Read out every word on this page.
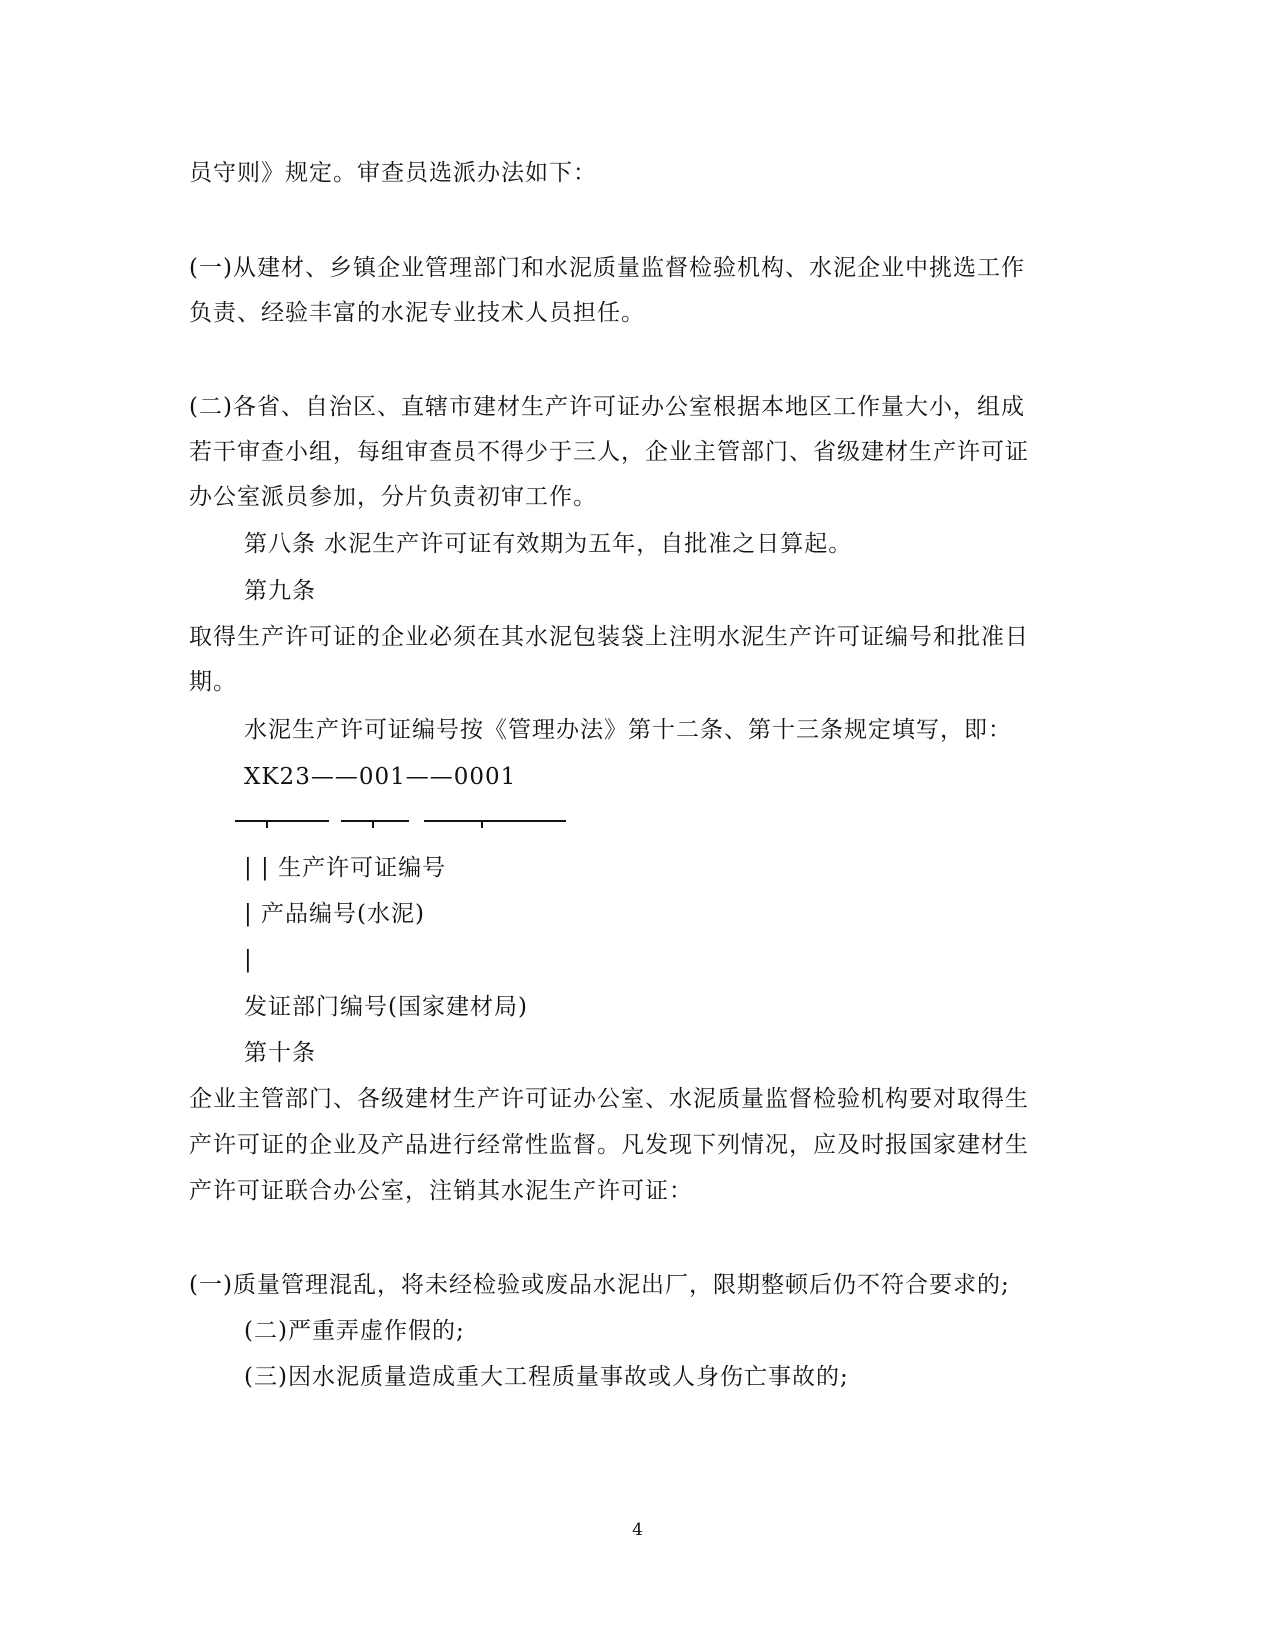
员守则》规定。审查员选派办法如下：
(一)从建材、乡镇企业管理部门和水泥质量监督检验机构、水泥企业中挑选工作
负责、经验丰富的水泥专业技术人员担任。
(二)各省、自治区、直辖市建材生产许可证办公室根据本地区工作量大小，组成
若干审查小组，每组审查员不得少于三人，企业主管部门、省级建材生产许可证
办公室派员参加，分片负责初审工作。
第八条 水泥生产许可证有效期为五年，自批准之日算起。
第九条
取得生产许可证的企业必须在其水泥包装袋上注明水泥生产许可证编号和批准日
期。
水泥生产许可证编号按《管理办法》第十二条、第十三条规定填写，即：
XK23——001——0001
| | 生产许可证编号
| 产品编号(水泥)
|
发证部门编号(国家建材局)
第十条
企业主管部门、各级建材生产许可证办公室、水泥质量监督检验机构要对取得生
产许可证的企业及产品进行经常性监督。凡发现下列情况，应及时报国家建材生
产许可证联合办公室，注销其水泥生产许可证：
(一)质量管理混乱，将未经检验或废品水泥出厂，限期整顿后仍不符合要求的;
(二)严重弄虚作假的;
(三)因水泥质量造成重大工程质量事故或人身伤亡事故的;
4
